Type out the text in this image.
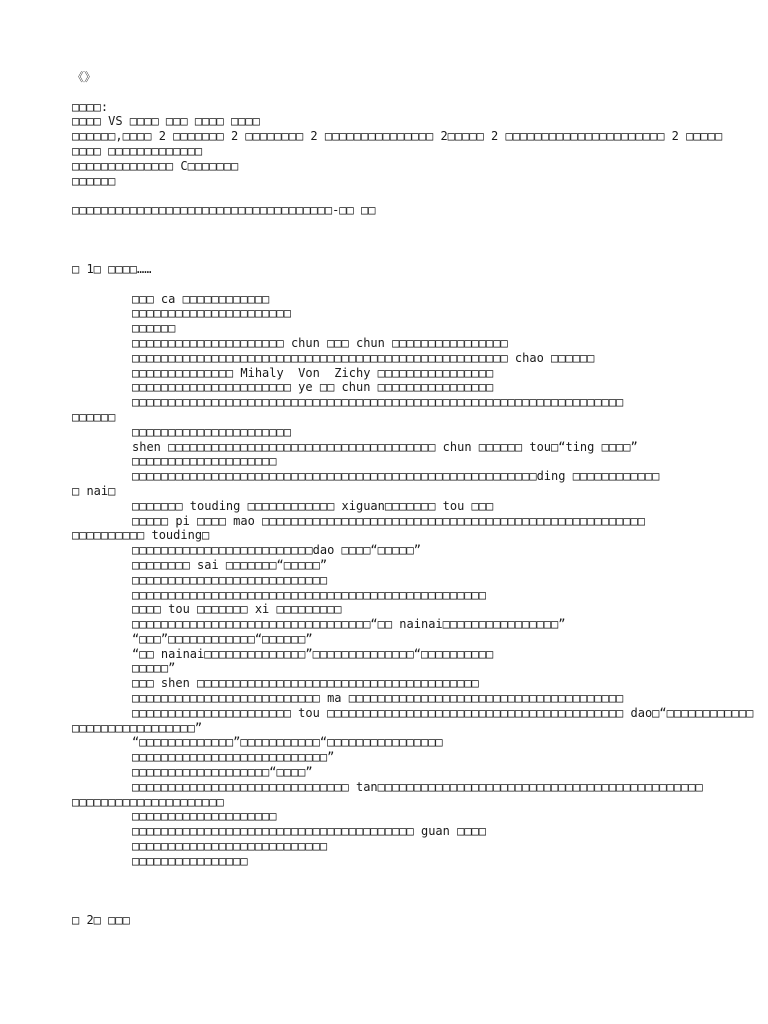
《》
□□□□:
□□□□ VS □□□□ □□□ □□□□ □□□□
□□□□□□,□□□□ 2 □□□□□□□ 2 □□□□□□□□ 2 □□□□□□□□□□□□□□□ 2□□□□□ 2 □□□□□□□□□□□□□□□□□□□□□□ 2 □□□□□
□□□□ □□□□□□□□□□□□□
□□□□□□□□□□□□□□ C□□□□□□□
□□□□□□
□□□□□□□□□□□□□□□□□□□□□□□□□□□□□□□□□□□□-□□ □□
□ 1□ □□□□……
□□□ ca □□□□□□□□□□□□
□□□□□□□□□□□□□□□□□□□□□□
□□□□□□
□□□□□□□□□□□□□□□□□□□□□ chun □□□ chun □□□□□□□□□□□□□□□□
□□□□□□□□□□□□□□□□□□□□□□□□□□□□□□□□□□□□□□□□□□□□□□□□□□□□ chao □□□□□□
□□□□□□□□□□□□□□ Mihaly  Von  Zichy □□□□□□□□□□□□□□□□
□□□□□□□□□□□□□□□□□□□□□□ ye □□ chun □□□□□□□□□□□□□□□□
□□□□□□□□□□□□□□□□□□□□□□□□□□□□□□□□□□□□□□□□□□□□□□□□□□□□□□□□□□□□□□□□□□□□
□□□□□□
□□□□□□□□□□□□□□□□□□□□□□
shen □□□□□□□□□□□□□□□□□□□□□□□□□□□□□□□□□□□□□ chun □□□□□□ tou□“ting □□□□”
□□□□□□□□□□□□□□□□□□□□
□□□□□□□□□□□□□□□□□□□□□□□□□□□□□□□□□□□□□□□□□□□□□□□□□□□□□□□□ding □□□□□□□□□□□□
□ nai□
□□□□□□□ touding □□□□□□□□□□□□ xiguan□□□□□□□ tou □□□
□□□□□ pi □□□□ mao □□□□□□□□□□□□□□□□□□□□□□□□□□□□□□□□□□□□□□□□□□□□□□□□□□□□□
□□□□□□□□□□ touding□
□□□□□□□□□□□□□□□□□□□□□□□□□dao □□□□“□□□□□”
□□□□□□□□ sai □□□□□□□“□□□□□”
□□□□□□□□□□□□□□□□□□□□□□□□□□□
□□□□□□□□□□□□□□□□□□□□□□□□□□□□□□□□□□□□□□□□□□□□□□□□□
□□□□ tou □□□□□□□ xi □□□□□□□□□
□□□□□□□□□□□□□□□□□□□□□□□□□□□□□□□□□“□□ nainai□□□□□□□□□□□□□□□□”
“□□□”□□□□□□□□□□□□“□□□□□□”
“□□ nainai□□□□□□□□□□□□□□”□□□□□□□□□□□□□□“□□□□□□□□□□
□□□□□”
□□□ shen □□□□□□□□□□□□□□□□□□□□□□□□□□□□□□□□□□□□□□□
□□□□□□□□□□□□□□□□□□□□□□□□□□ ma □□□□□□□□□□□□□□□□□□□□□□□□□□□□□□□□□□□□□□
□□□□□□□□□□□□□□□□□□□□□□ tou □□□□□□□□□□□□□□□□□□□□□□□□□□□□□□□□□□□□□□□□□ dao□“□□□□□□□□□□□□
□□□□□□□□□□□□□□□□□”
“□□□□□□□□□□□□□”□□□□□□□□□□□“□□□□□□□□□□□□□□□□
□□□□□□□□□□□□□□□□□□□□□□□□□□□”
□□□□□□□□□□□□□□□□□□□“□□□□”
□□□□□□□□□□□□□□□□□□□□□□□□□□□□□□ tan□□□□□□□□□□□□□□□□□□□□□□□□□□□□□□□□□□□□□□□□□□□□□
□□□□□□□□□□□□□□□□□□□□□
□□□□□□□□□□□□□□□□□□□□
□□□□□□□□□□□□□□□□□□□□□□□□□□□□□□□□□□□□□□□ guan □□□□
□□□□□□□□□□□□□□□□□□□□□□□□□□□
□□□□□□□□□□□□□□□□
□ 2□ □□□
